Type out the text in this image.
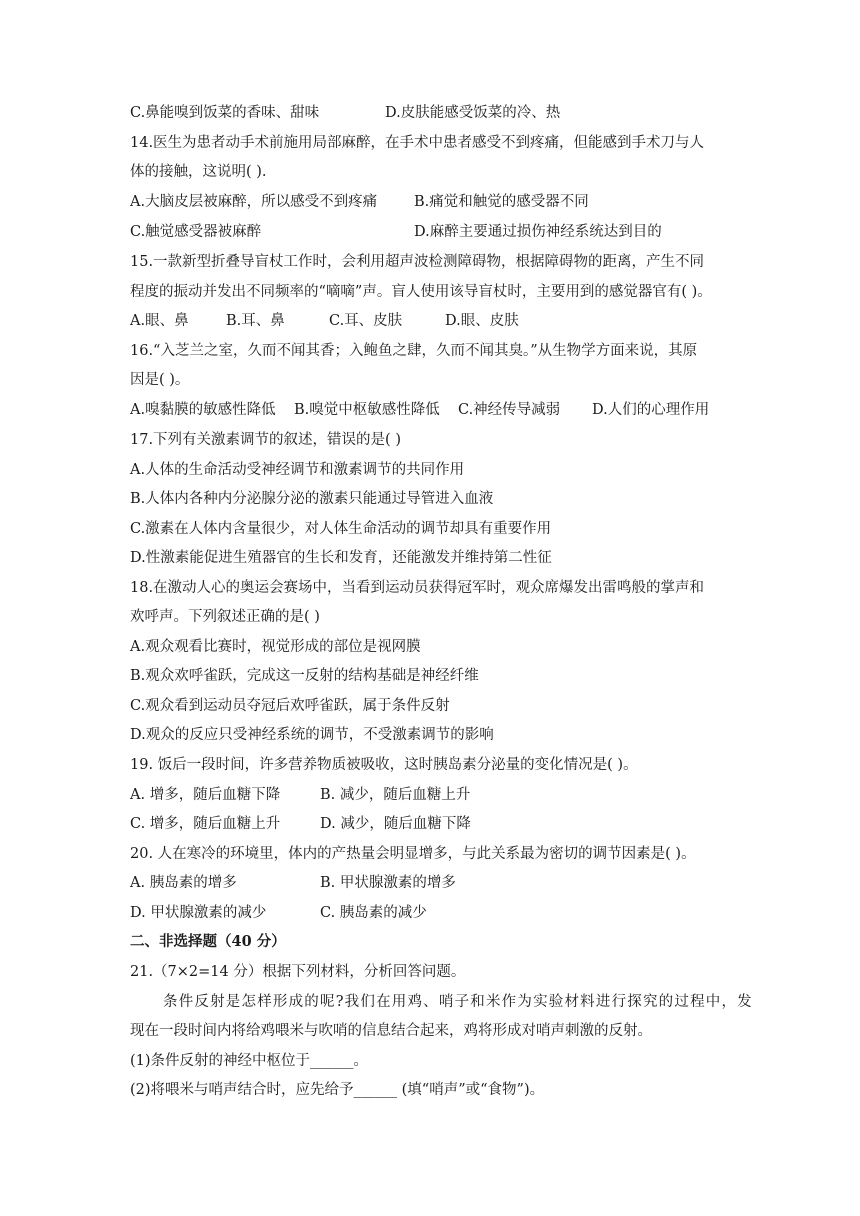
C.鼻能嗅到饭菜的香味、甜味	D.皮肤能感受饭菜的冷、热
14.医生为患者动手术前施用局部麻醉，在手术中患者感受不到疼痛，但能感到手术刀与人
体的接触，这说明( ).
A.大脑皮层被麻醉，所以感受不到疼痛	B.痛觉和触觉的感受器不同
C.触觉感受器被麻醉	D.麻醉主要通过损伤神经系统达到目的
15.一款新型折叠导盲杖工作时，会利用超声波检测障碍物，根据障碍物的距离，产生不同
程度的振动并发出不同频率的“嘀嘀”声。盲人使用该导盲杖时，主要用到的感觉器官有( )。
A.眼、鼻	B.耳、鼻	C.耳、皮肤	D.眼、皮肤
16.“入芝兰之室，久而不闻其香；入鲍鱼之肆，久而不闻其臭。”从生物学方面来说，其原
因是( )。
A.嗅黏膜的敏感性降低 B.嗅觉中枢敏感性降低 C.神经传导减弱 D.人们的心理作用
17.下列有关激素调节的叙述，错误的是( )
A.人体的生命活动受神经调节和激素调节的共同作用
B.人体内各种内分泌腺分泌的激素只能通过导管进入血液
C.激素在人体内含量很少，对人体生命活动的调节却具有重要作用
D.性激素能促进生殖器官的生长和发育，还能激发并维持第二性征
18.在激动人心的奥运会赛场中，当看到运动员获得冠军时，观众席爆发出雷鸣般的掌声和
欢呼声。下列叙述正确的是( )
A.观众观看比赛时，视觉形成的部位是视网膜
B.观众欢呼雀跃，完成这一反射的结构基础是神经纤维
C.观众看到运动员夺冠后欢呼雀跃，属于条件反射
D.观众的反应只受神经系统的调节，不受激素调节的影响
19. 饭后一段时间，许多营养物质被吸收，这时胰岛素分泌量的变化情况是( )。
A. 增多，随后血糖下降	B. 减少，随后血糖上升
C. 增多，随后血糖上升	D. 减少，随后血糖下降
20. 人在寒冷的环境里，体内的产热量会明显增多，与此关系最为密切的调节因素是( )。
A. 胰岛素的增多	B. 甲状腺激素的增多
D. 甲状腺激素的减少	C. 胰岛素的减少
二、非选择题（40 分）
21.（7×2=14 分）根据下列材料，分析回答问题。
条件反射是怎样形成的呢?我们在用鸡、哨子和米作为实验材料进行探究的过程中，发
现在一段时间内将给鸡喂米与吹哨的信息结合起来，鸡将形成对哨声刺激的反射。
(1)条件反射的神经中枢位于______。
(2)将喂米与哨声结合时，应先给予______ (填“哨声”或“食物”)。
